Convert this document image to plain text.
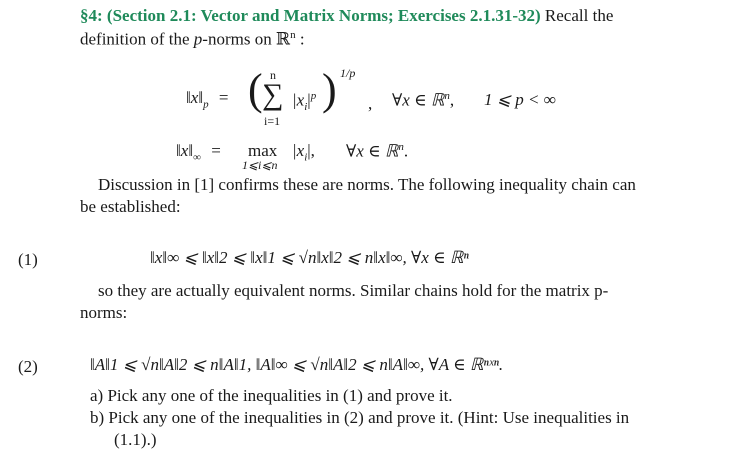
§4: (Section 2.1: Vector and Matrix Norms; Exercises 2.1.31-32) Recall the
definition of the p-norms on ℝ$^n$ :
$‖x‖_p$ = ( n
∑
i=1
$|x_i|^p$ ) 1/p
, ∀x ∈ ℝ$^n$, 1 ⩽ p < ∞
$‖x‖_\infty = \max$
1⩽i⩽n
$|x_i|$, ∀x ∈ ℝ$^n$.
Discussion in [1] confirms these are norms. The following inequality chain can
be established:
(1)	‖x‖∞ ⩽ ‖x‖2 ⩽ ‖x‖1 ⩽ √n‖x‖2 ⩽ n‖x‖∞, ∀x ∈ ℝⁿ
so they are actually equivalent norms. Similar chains hold for the matrix p-
norms:
(2)	‖A‖1 ⩽ √n‖A‖2 ⩽ n‖A‖1, ‖A‖∞ ⩽ √n‖A‖2 ⩽ n‖A‖∞, ∀A ∈ ℝⁿˣⁿ.
a) Pick any one of the inequalities in (1) and prove it.
b) Pick any one of the inequalities in (2) and prove it. (Hint: Use inequalities in
(1.1).)
